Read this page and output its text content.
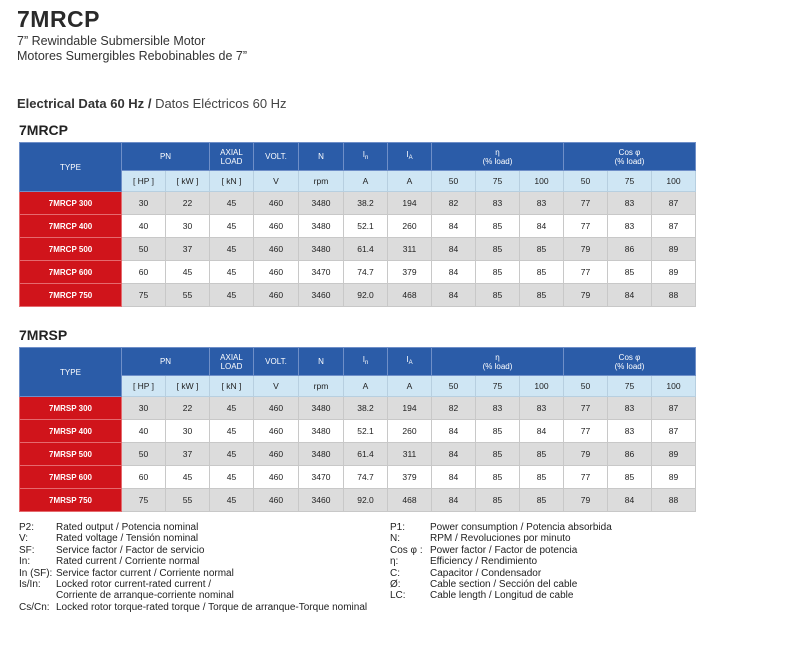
7MRCP
7” Rewindable Submersible Motor
Motores Sumergibles Rebobinables de 7”
Electrical Data 60 Hz / Datos Eléctricos 60 Hz
7MRCP
TYPE	PN		AXIAL
LOAD	VOLT.	N	$I_n$	$I_A$	η
(% load)			Cos φ
(% load)		
	[ HP ]	[ kW ]	[ kN ]	V	rpm	A	A	50	75	100	50	75	100
7MRCP 300	30	22	45	460	3480	38.2	194	82	83	83	77	83	87
7MRCP 400	40	30	45	460	3480	52.1	260	84	85	84	77	83	87
7MRCP 500	50	37	45	460	3480	61.4	311	84	85	85	79	86	89
7MRCP 600	60	45	45	460	3470	74.7	379	84	85	85	77	85	89
7MRCP 750	75	55	45	460	3460	92.0	468	84	85	85	79	84	88
7MRSP
TYPE	PN		AXIAL
LOAD	VOLT.	N	$I_n$	$I_A$	η
(% load)			Cos φ
(% load)		
	[ HP ]	[ kW ]	[ kN ]	V	rpm	A	A	50	75	100	50	75	100
7MRSP 300	30	22	45	460	3480	38.2	194	82	83	83	77	83	87
7MRSP 400	40	30	45	460	3480	52.1	260	84	85	84	77	83	87
7MRSP 500	50	37	45	460	3480	61.4	311	84	85	85	79	86	89
7MRSP 600	60	45	45	460	3470	74.7	379	84	85	85	77	85	89
7MRSP 750	75	55	45	460	3460	92.0	468	84	85	85	79	84	88
P2:	Rated output / Potencia nominal
V:	Rated voltage / Tensión nominal
SF:	Service factor / Factor de servicio
In:	Rated current / Corriente normal
In (SF): Service factor current / Corriente normal
Is/In:	Locked rotor current-rated current /
Corriente de arranque-corriente nominal
Cs/Cn: Locked rotor torque-rated torque / Torque de arranque-Torque nominal
P1:	Power consumption / Potencia absorbida
N:	RPM / Revoluciones por minuto
Cos φ : Power factor / Factor de potencia
η:	Efficiency / Rendimiento
C:	Capacitor / Condensador
Ø:	Cable section / Sección del cable
LC:	Cable length / Longitud de cable
